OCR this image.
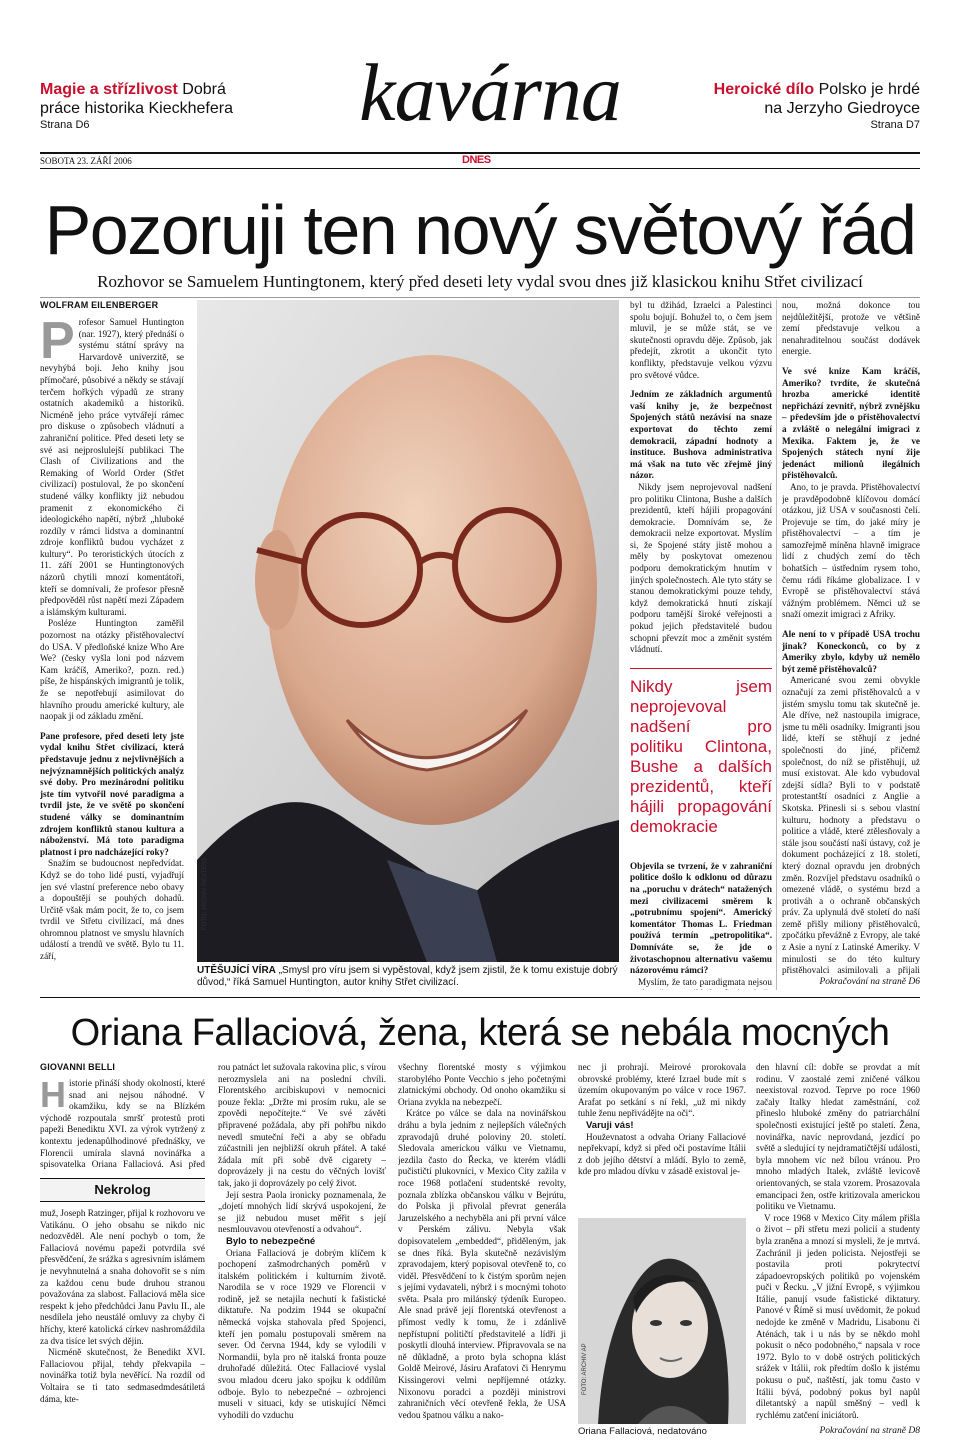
Magie a střízlivost Dobrá práce historika Kieckhefera
Strana D6	kavárna	Heroické dílo Polsko je hrdé na Jerzyho Giedroyce
Strana D7
SOBOTA 23. ZÁŘÍ 2006	DNES
Pozoruji ten nový světový řád
Rozhovor se Samuelem Huntingtonem, který před deseti lety vydal svou dnes již klasickou knihu Střet civilizací
WOLFRAM EILENBERGER
P rofesor Samuel Huntington (nar. 1927), který přednáší o systému státní správy na Harvardově univerzitě, se nevyhýbá boji. Jeho knihy jsou přímočaré, působivé a někdy se stávají terčem hořkých výpadů ze strany ostatních akademiků a historiků. Nicméně jeho práce vytvářejí rámec pro diskuse o způsobech vládnutí a zahraniční politice. Před deseti lety se své asi nejproslulejší publikaci The Clash of Civilizations and the Remaking of World Order (Střet civilizací) postuloval, že po skončení studené války konflikty již nebudou pramenit z ekonomického či ideologického napětí, nýbrž „hluboké rozdíly v rámci lidstva a dominantní zdroje konfliktů budou vycházet z kultury“. Po teroristických útocích z 11. září 2001 se Huntingtonových názorů chytili mnozí komentátoři, kteří se domnívali, že profesor přesně předpověděl růst napětí mezi Západem a islámským kulturami.

Posléze Huntington zaměřil pozornost na otázky přistěhovalectví do USA. V předloňské knize Who Are We? (česky vyšla loni pod názvem Kam kráčíš, Ameriko?, pozn. red.) píše, že hispánských imigrantů je tolik, že se nepotřebují asimilovat do hlavního proudu americké kultury, ale naopak ji od základu změní.

Pane profesore, před deseti lety jste vydal knihu Střet civilizací, která představuje jednu z nejvlivnějších a nejvýznamnějších politických analýz své doby. Pro mezinárodní politiku jste tím vytvořil nové paradigma a tvrdil jste, že ve světě po skončení studené války se dominantním zdrojem konfliktů stanou kultura a náboženství. Má toto paradigma platnost i pro nadcházející roky?

Snažím se budoucnost nepředvídat. Když se do toho lidé pustí, vyjadřují jen své vlastní preference nebo obavy a dopouštějí se pouhých dohadů. Určitě však mám pocit, že to, co jsem tvrdil ve Střetu civilizací, má dnes ohromnou platnost ve smyslu hlavních událostí a trendů ve světě. Bylo tu 11. září,

FOTO: ARCHIV REUTERS
UTĚŠUJÍCÍ VÍRA „Smysl pro víru jsem si vypěstoval, když jsem zjistil, že k tomu existuje dobrý důvod,“ říká Samuel Huntington, autor knihy Střet civilizací.

byl tu džihád, Izraelci a Palestinci spolu bojují. Bohužel to, o čem jsem mluvil, je se může stát, se ve skutečnosti opravdu děje. Způsob, jak předejít, zkrotit a ukončit tyto konflikty, představuje velkou výzvu pro světové vůdce.

Jedním ze základních argumentů vaší knihy je, že bezpečnost Spojených států nezávisí na snaze exportovat do těchto zemí demokracii, západní hodnoty a instituce. Bushova administrativa má však na tuto věc zřejmě jiný názor.

Nikdy jsem neprojevoval nadšení pro politiku Clintona, Bushe a dalších prezidentů, kteří hájili propagování demokracie. Domnívám se, že demokracii nelze exportovat. Myslím si, že Spojené státy jistě mohou a měly by poskytovat omezenou podporu demokratickým hnutím v jiných společnostech. Ale tyto státy se stanou demokratickými pouze tehdy, když demokratická hnutí získají podporu tamější široké veřejnosti a pokud jejich představitelé budou schopni převzít moc a změnit systém vládnutí.

Nikdy jsem neprojevoval nadšení pro politiku Clintona, Bushe a dalších prezidentů, kteří hájili propagování demokracie

Objevila se tvrzení, že v zahraniční politice došlo k odklonu od důrazu na „poruchu v drátech“ natažených mezi civilizacemi směrem k „potrubnímu spojení“. Americký komentátor Thomas L. Friedman používá termín „petropolitika“. Domníváte se, že jde o životaschopnou alternativu vašemu názorovému rámci?

Myslím, že tato paradigmata nejsou

nou, možná dokonce tou nejdůležitější, protože ve většině zemí představuje velkou a nenahraditelnou součást dodávek energie.

Ve své knize Kam kráčíš, Ameriko? tvrdíte, že skutečná hrozba americké identitě nepřichází zevnitř, nýbrž zvnějšku – především jde o přistěhovalectví a zvláště o nelegální imigraci z Mexika. Faktem je, že ve Spojených státech nyní žije jedenáct milionů ilegálních přistěhovalců.

Ano, to je pravda. Přistěhovalectví je pravděpodobně klíčovou domácí otázkou, již USA v současnosti čelí. Projevuje se tím, do jaké míry je přistěhovalectví – a tím je samozřejmě míněna hlavně imigrace lidí z chudých zemí do těch bohatších – ústředním rysem toho, čemu rádi říkáme globalizace. I v Evropě se přistěhovalectví stává vážným problémem. Němci už se snaží omezit imigraci z Afriky.

Ale není to v případě USA trochu jinak? Koneckonců, co by z Ameriky zbylo, kdyby už nemělo být země přistěhovalců?

Americané svou zemi obvykle označují za zemi přistěhovalců a v jistém smyslu tomu tak skutečně je. Ale dříve, než nastoupila imigrace, jsme tu měli osadníky. Imigranti jsou lidé, kteří se stěhují z jedné společnosti do jiné, přičemž společnost, do níž se přistěhují, už musí existovat. Ale kdo vybudoval zdejší sídla? Byli to v podstatě protestantští osadníci z Anglie a Skotska. Přinesli si s sebou vlastní kulturu, hodnoty a představu o politice a vládě, které ztělesňovaly a stále jsou součástí naší ústavy, což je dokument pocházející z 18. století, který doznal opravdu jen drobných změn. Rozvíjel představu osadníků o omezené vládě, o systému brzd a protiváh a o ochraně občanských práv. Za uplynulá dvě století do naší země přišly miliony přistěhovalců, zpočátku převážně z Evropy, ale také z Asie a nyní z Latinské Ameriky. V minulosti se do této kultury přistěhovalci asimilovali a přijali

Pokračování na straně D6
Oriana Fallaciová, žena, která se nebála mocných
GIOVANNI BELLI
H istorie přináší shody okolností, které snad ani nejsou náhodné. V okamžiku, kdy se na Blízkém východě rozpoutala smršť protestů proti papeži Benediktu XVI. za výrok vytržený z kontextu jedenapůlhodinové přednášky, ve Florencii umírala slavná novinářka a spisovatelka Oriana Fallaciová. Asi před

Nekrolog

muž, Joseph Ratzinger, přijal k rozhovoru ve Vatikánu. O jeho obsahu se nikdo nic nedozvěděl. Ale není pochyb o tom, že Fallaciová novému papeži potvrdila své přesvědčení, že srážka s agresivním islámem je nevyhnutelná a snaha dohovořit se s ním za každou cenu bude druhou stranou považována za slabost. Fallaciová měla sice respekt k jeho předchůdci Janu Pavlu II., ale nesdílela jeho neustálé omluvy za chyby či hříchy, které katolická církev nashromáždila za dva tisíce let svých dějin.

Nicméně skutečnost, že Benedikt XVI. Fallaciovou přijal, tehdy překvapila – novinářka totiž byla nevěřící. Na rozdíl od Voltaira se ti tato sedmasedmdesátiletá dáma, kte-

rou patnáct let sužovala rakovina plic, s vírou nerozmyslela ani na poslední chvíli. Florentského arcibiskupovi v nemocnici pouze řekla: „Držte mi prosím ruku, ale se zpovědi nepočítejte.“ Ve své závěti připravené požádala, aby při pohřbu nikdo nevedl smuteční řeči a aby se obřadu zúčastnili jen nejbližší okruh přátel. A také žádala mít při sobě dvě cigarety – doprovázely ji na cestu do věčných lovišť tak, jako ji doprovázely po celý život.

Její sestra Paola ironicky poznamenala, že „dojetí mnohých lidí skrývá uspokojení, že se již nebudou muset měřit s její nesmlouvavou otevřeností a odvahou“.

Bylo to nebezpečné

Oriana Fallaciová je dobrým klíčem k pochopení zašmodrchaných poměrů v italském politickém i kulturním životě. Narodila se v roce 1929 ve Florencii v rodině, jež se netajila nechutí k fašistické diktatuře. Na podzim 1944 se okupační německá vojska stahovala před Spojenci, kteří jen pomalu postupovali směrem na sever. Od června 1944, kdy se vylodili v Normandii, byla pro ně italská fronta pouze druhořadé důležitá. Otec Fallaciové vyslal svou mladou dceru jako spojku k oddílům odboje. Bylo to nebezpečné – ozbrojenci museli v situaci, kdy se utiskující Němci vyhodili do vzduchu

všechny florentské mosty s výjimkou starobylého Ponte Vecchio s jeho početnými zlatnickými obchody. Od onoho okamžiku si Oriana zvykla na nebezpečí.

Krátce po válce se dala na novinářskou dráhu a byla jedním z nejlepších válečných zpravodajů druhé poloviny 20. století. Sledovala americkou válku ve Vietnamu, jezdila často do Řecka, ve kterém vládli pučističtí plukovníci, v Mexico City zažila v roce 1968 potlačení studentské revolty, poznala zblízka občanskou válku v Bejrútu, do Polska ji přivolal převrat generála Jaruzelského a nechyběla ani při první válce v Perském zálivu. Nebyla však dopisovatelem „embedded“, přiděleným, jak se dnes říká. Byla skutečně nezávislým zpravodajem, který popisoval otevřeně to, co viděl. Přesvědčení to k čistým sporům nejen s jejími vydavateli, nýbrž i s mocnými tohoto světa. Psala pro milánský týdeník Europeo. Ale snad právě její florentská otevřenost a přímost vedly k tomu, že i zdánlivě nepřístupní političtí představitelé a lídři ji poskytli dlouhá interview. Připravovala se na ně důkladně, a proto byla schopna klást Goldě Meirové, Jásiru Arafatovi či Henrymu Kissingerovi velmi nepříjemné otázky. Nixonovu poradci a později ministrovi zahraničních věcí otevřeně řekla, že USA vedou špatnou válku a nako-

nec ji prohrají. Meirové prorokovala obrovské problémy, které Izrael bude mít s územím okupovaným po válce v roce 1967. Arafat po setkání s ní řekl, „už mi nikdy tuhle ženu nepřivádějte na oči“.

Varuji vás!

Houževnatost a odvaha Oriany Fallaciové nepřekvapí, když si před oči postavíme Itálii z dob jejího dětství a mládí. Bylo to země, kde pro mladou dívku v zásadě existoval je-

FOTO: ARCHIV AP
Oriana Fallaciová, nedatováno

den hlavní cíl: dobře se provdat a mít rodinu. V zaostalé zemi zničené válkou neexistoval rozvod. Teprve po roce 1960 začaly Italky hledat zaměstnání, což přineslo hluboké změny do patriarchální společnosti existující ještě po staletí. Žena, novinářka, navíc neprovdaná, jezdící po světě a sledující ty nejdramatičtější události, byla mnohem víc než bílou vránou. Pro mnoho mladých Italek, zvláště levicově orientovaných, se stala vzorem. Prosazovala emancipaci žen, ostře kritizovala americkou politiku ve Vietnamu.

V roce 1968 v Mexico City málem přišla o život – při střetu mezi policií a studenty byla zraněna a mnozí si mysleli, že je mrtvá. Zachránil ji jeden policista. Nejostřeji se postavila proti pokrytectví západoevropských politiků po vojenském puči v Řecku. „V jižní Evropě, s výjimkou Itálie, panují vsude fašistické diktatury. Panové v Římě si musí uvědomit, že pokud nedojde ke změně v Madridu, Lisabonu či Aténách, tak i u nás by se někdo mohl pokusit o něco podobného,“ napsala v roce 1972. Bylo to v době ostrých politických srážek v Itálii, rok předtím došlo k jistému pokusu o puč, naštěstí, jak tomu často v Itálii bývá, podobný pokus byl napůl diletantský a napůl směšný – vedl k rychlému zatčení iniciátorů.

Pokračování na straně D8
